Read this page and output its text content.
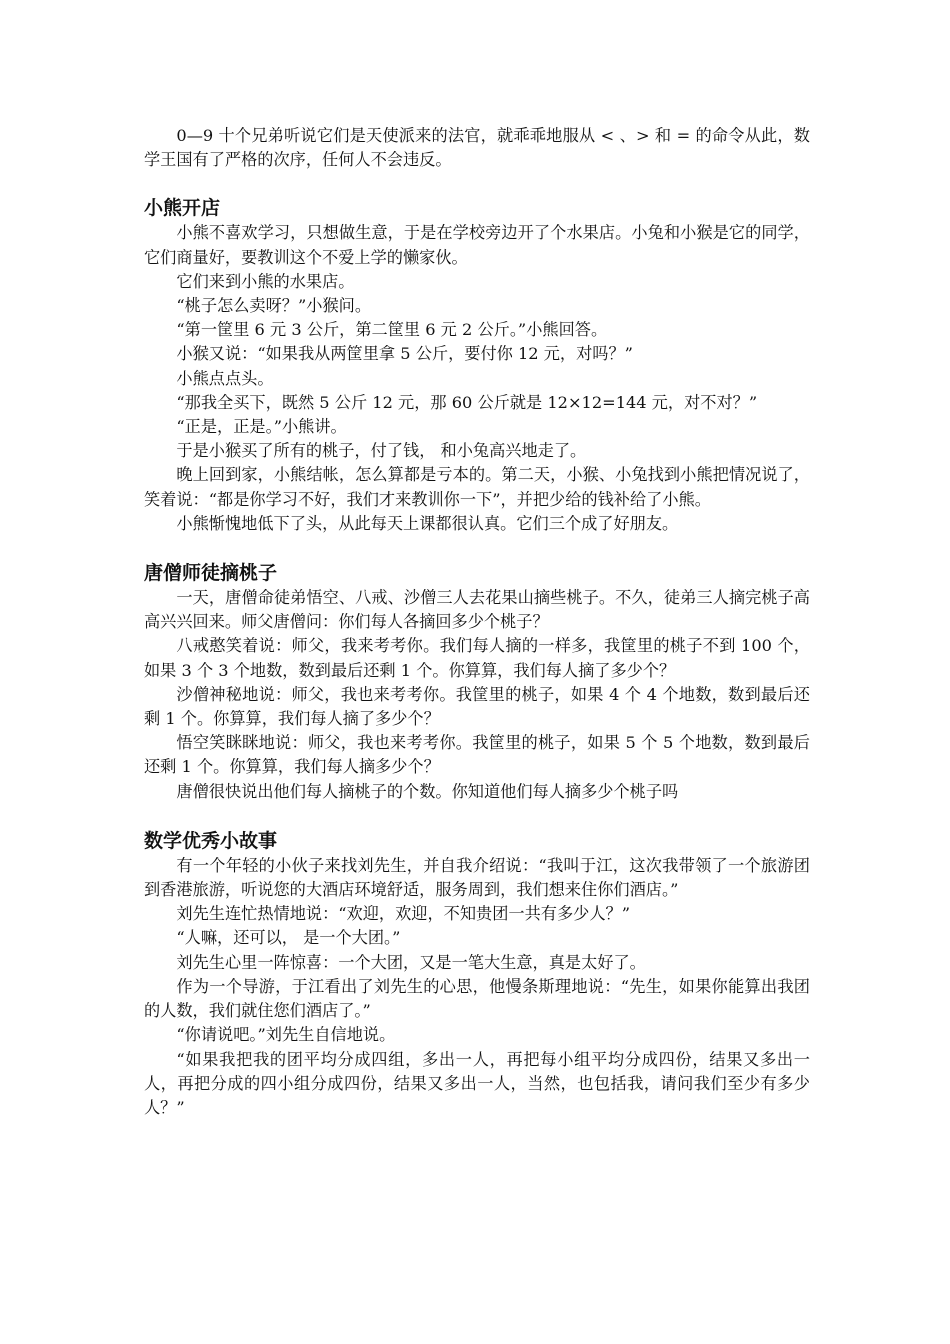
0—9 十个兄弟听说它们是天使派来的法官，就乖乖地服从 < 、> 和 = 的命令从此，数学王国有了严格的次序，任何人不会违反。

小熊开店

小熊不喜欢学习，只想做生意，于是在学校旁边开了个水果店。小兔和小猴是它的同学，它们商量好，要教训这个不爱上学的懒家伙。

它们来到小熊的水果店。

“桃子怎么卖呀？”小猴问。

“第一筐里 6 元 3 公斤，第二筐里 6 元 2 公斤。”小熊回答。

小猴又说：“如果我从两筐里拿 5 公斤，要付你 12 元，对吗？”

小熊点点头。

“那我全买下，既然 5 公斤 12 元，那 60 公斤就是 12×12=144 元，对不对？”

“正是，正是。”小熊讲。

于是小猴买了所有的桃子，付了钱， 和小兔高兴地走了。

晚上回到家，小熊结帐，怎么算都是亏本的。第二天，小猴、小兔找到小熊把情况说了，笑着说：“都是你学习不好，我们才来教训你一下”，并把少给的钱补给了小熊。

小熊惭愧地低下了头，从此每天上课都很认真。它们三个成了好朋友。

唐僧师徒摘桃子

一天，唐僧命徒弟悟空、八戒、沙僧三人去花果山摘些桃子。不久，徒弟三人摘完桃子高高兴兴回来。师父唐僧问：你们每人各摘回多少个桃子？

八戒憨笑着说：师父，我来考考你。我们每人摘的一样多，我筐里的桃子不到 100 个，如果 3 个 3 个地数，数到最后还剩 1 个。你算算，我们每人摘了多少个？

沙僧神秘地说：师父，我也来考考你。我筐里的桃子，如果 4 个 4 个地数，数到最后还剩 1 个。你算算，我们每人摘了多少个？

悟空笑眯眯地说：师父，我也来考考你。我筐里的桃子，如果 5 个 5 个地数，数到最后还剩 1 个。你算算，我们每人摘多少个？

唐僧很快说出他们每人摘桃子的个数。你知道他们每人摘多少个桃子吗

数学优秀小故事

有一个年轻的小伙子来找刘先生，并自我介绍说：“我叫于江，这次我带领了一个旅游团到香港旅游，听说您的大酒店环境舒适，服务周到，我们想来住你们酒店。”

刘先生连忙热情地说：“欢迎，欢迎，不知贵团一共有多少人？”

“人嘛，还可以， 是一个大团。”

刘先生心里一阵惊喜：一个大团，又是一笔大生意，真是太好了。

作为一个导游，于江看出了刘先生的心思，他慢条斯理地说：“先生，如果你能算出我团的人数，我们就住您们酒店了。”

“你请说吧。”刘先生自信地说。

“如果我把我的团平均分成四组，多出一人，再把每小组平均分成四份，结果又多出一人，再把分成的四小组分成四份，结果又多出一人，当然，也包括我，请问我们至少有多少人？”
